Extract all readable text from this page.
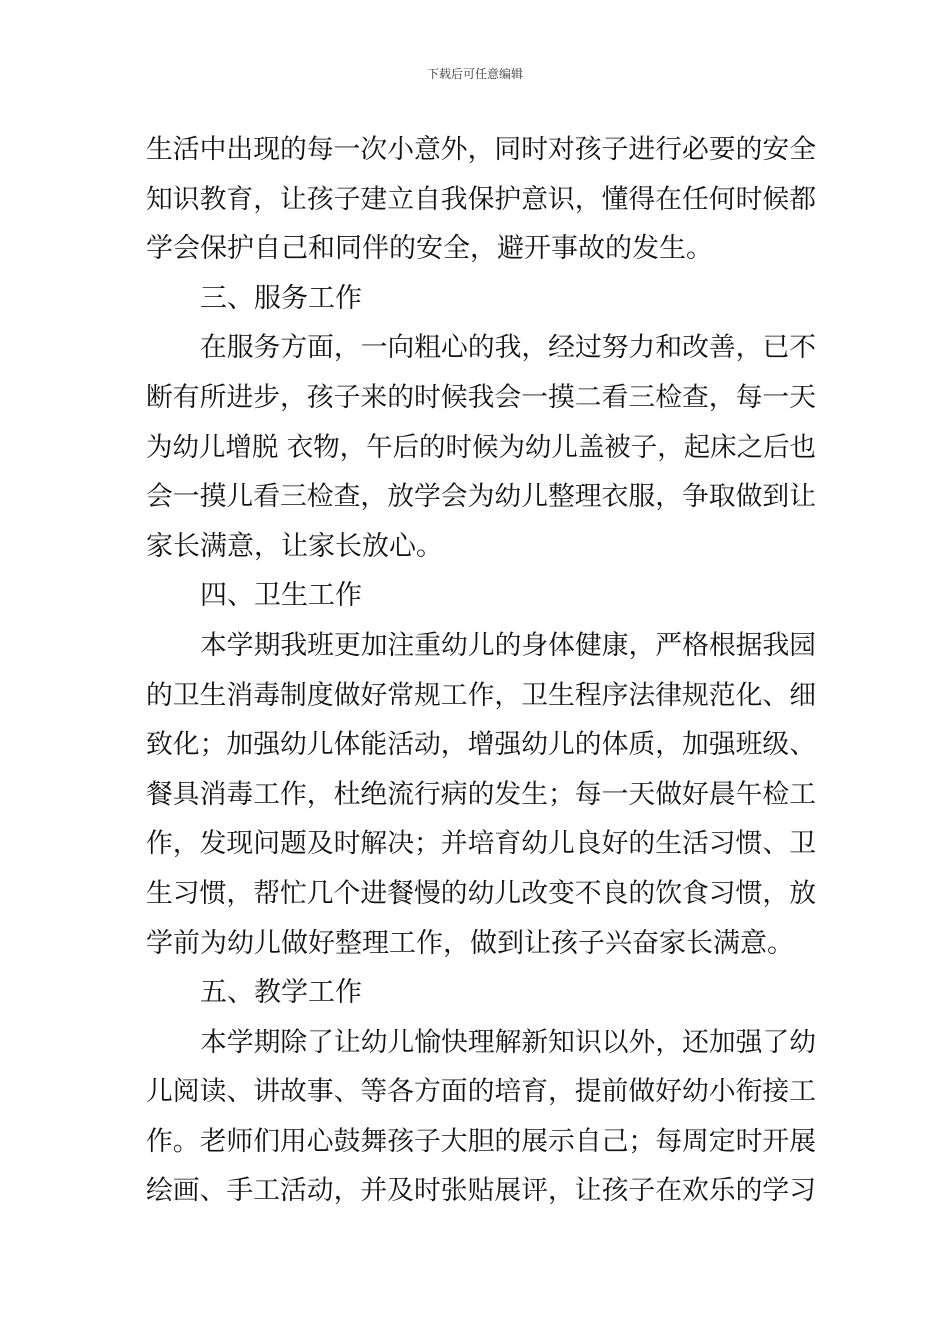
下载后可任意编辑
生活中出现的每一次小意外，同时对孩子进行必要的安全
知识教育，让孩子建立自我保护意识，懂得在任何时候都
学会保护自己和同伴的安全，避开事故的发生。
三、服务工作
在服务方面，一向粗心的我，经过努力和改善，已不
断有所进步，孩子来的时候我会一摸二看三检查，每一天
为幼儿增脱 衣物，午后的时候为幼儿盖被子，起床之后也
会一摸儿看三检查，放学会为幼儿整理衣服，争取做到让
家长满意，让家长放心。
四、卫生工作
本学期我班更加注重幼儿的身体健康，严格根据我园
的卫生消毒制度做好常规工作，卫生程序法律规范化、细
致化；加强幼儿体能活动，增强幼儿的体质，加强班级、
餐具消毒工作，杜绝流行病的发生；每一天做好晨午检工
作，发现问题及时解决；并培育幼儿良好的生活习惯、卫
生习惯，帮忙几个进餐慢的幼儿改变不良的饮食习惯，放
学前为幼儿做好整理工作，做到让孩子兴奋家长满意。
五、教学工作
本学期除了让幼儿愉快理解新知识以外，还加强了幼
儿阅读、讲故事、等各方面的培育，提前做好幼小衔接工
作。老师们用心鼓舞孩子大胆的展示自己；每周定时开展
绘画、手工活动，并及时张贴展评，让孩子在欢乐的学习
